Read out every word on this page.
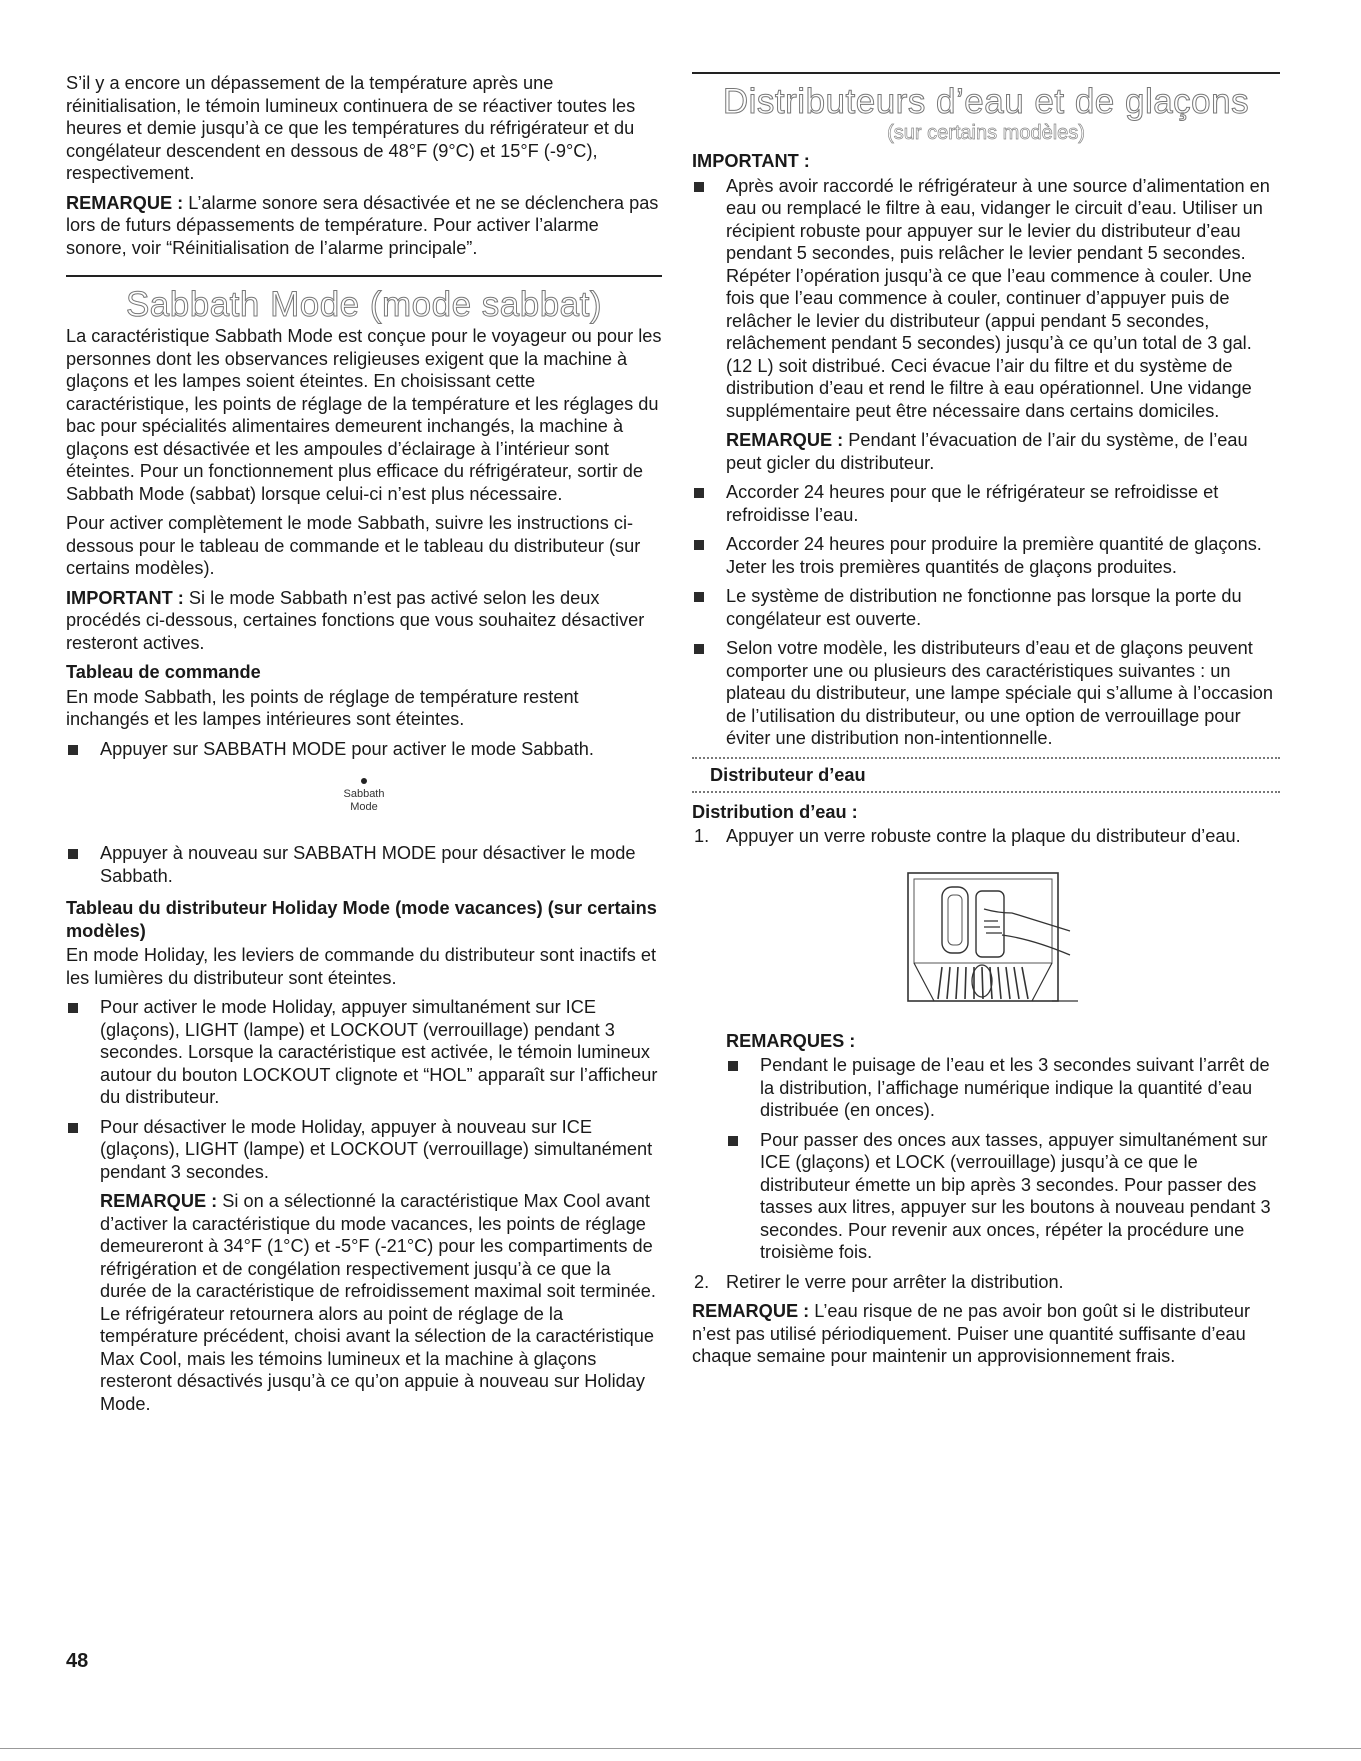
S’il y a encore un dépassement de la température après une réinitialisation, le témoin lumineux continuera de se réactiver toutes les heures et demie jusqu’à ce que les températures du réfrigérateur et du congélateur descendent en dessous de 48°F (9°C) et 15°F (-9°C), respectivement.

REMARQUE : L’alarme sonore sera désactivée et ne se déclenchera pas lors de futurs dépassements de température. Pour activer l’alarme sonore, voir “Réinitialisation de l’alarme principale”.

Sabbath Mode (mode sabbat)

La caractéristique Sabbath Mode est conçue pour le voyageur ou pour les personnes dont les observances religieuses exigent que la machine à glaçons et les lampes soient éteintes. En choisissant cette caractéristique, les points de réglage de la température et les réglages du bac pour spécialités alimentaires demeurent inchangés, la machine à glaçons est désactivée et les ampoules d’éclairage à l’intérieur sont éteintes. Pour un fonctionnement plus efficace du réfrigérateur, sortir de Sabbath Mode (sabbat) lorsque celui-ci n’est plus nécessaire.

Pour activer complètement le mode Sabbath, suivre les instructions ci-dessous pour le tableau de commande et le tableau du distributeur (sur certains modèles).

IMPORTANT : Si le mode Sabbath n’est pas activé selon les deux procédés ci-dessous, certaines fonctions que vous souhaitez désactiver resteront actives.

Tableau de commande

En mode Sabbath, les points de réglage de température restent inchangés et les lampes intérieures sont éteintes.

Appuyer sur SABBATH MODE pour activer le mode Sabbath.
Sabbath
Mode
Appuyer à nouveau sur SABBATH MODE pour désactiver le mode Sabbath.
Tableau du distributeur Holiday Mode (mode vacances) (sur certains modèles)

En mode Holiday, les leviers de commande du distributeur sont inactifs et les lumières du distributeur sont éteintes.

Pour activer le mode Holiday, appuyer simultanément sur ICE (glaçons), LIGHT (lampe) et LOCKOUT (verrouillage) pendant 3 secondes. Lorsque la caractéristique est activée, le témoin lumineux autour du bouton LOCKOUT clignote et “HOL” apparaît sur l’afficheur du distributeur.
Pour désactiver le mode Holiday, appuyer à nouveau sur ICE (glaçons), LIGHT (lampe) et LOCKOUT (verrouillage) simultanément pendant 3 secondes.

REMARQUE : Si on a sélectionné la caractéristique Max Cool avant d’activer la caractéristique du mode vacances, les points de réglage demeureront à 34°F (1°C) et -5°F (-21°C) pour les compartiments de réfrigération et de congélation respectivement jusqu’à ce que la durée de la caractéristique de refroidissement maximal soit terminée. Le réfrigérateur retournera alors au point de réglage de la température précédent, choisi avant la sélection de la caractéristique Max Cool, mais les témoins lumineux et la machine à glaçons resteront désactivés jusqu’à ce qu’on appuie à nouveau sur Holiday Mode.

Distributeurs d’eau et de glaçons
(sur certains modèles)
IMPORTANT :
Après avoir raccordé le réfrigérateur à une source d’alimentation en eau ou remplacé le filtre à eau, vidanger le circuit d’eau. Utiliser un récipient robuste pour appuyer sur le levier du distributeur d’eau pendant 5 secondes, puis relâcher le levier pendant 5 secondes. Répéter l’opération jusqu’à ce que l’eau commence à couler. Une fois que l’eau commence à couler, continuer d’appuyer puis de relâcher le levier du distributeur (appui pendant 5 secondes, relâchement pendant 5 secondes) jusqu’à ce qu’un total de 3 gal. (12 L) soit distribué. Ceci évacue l’air du filtre et du système de distribution d’eau et rend le filtre à eau opérationnel. Une vidange supplémentaire peut être nécessaire dans certains domiciles.

REMARQUE : Pendant l’évacuation de l’air du système, de l’eau peut gicler du distributeur.

Accorder 24 heures pour que le réfrigérateur se refroidisse et refroidisse l’eau.
Accorder 24 heures pour produire la première quantité de glaçons. Jeter les trois premières quantités de glaçons produites.
Le système de distribution ne fonctionne pas lorsque la porte du congélateur est ouverte.
Selon votre modèle, les distributeurs d’eau et de glaçons peuvent comporter une ou plusieurs des caractéristiques suivantes : un plateau du distributeur, une lampe spéciale qui s’allume à l’occasion de l’utilisation du distributeur, ou une option de verrouillage pour éviter une distribution non-intentionnelle.
Distributeur d’eau
Distribution d’eau :
1. Appuyer un verre robuste contre la plaque du distributeur d’eau.
REMARQUES :
Pendant le puisage de l’eau et les 3 secondes suivant l’arrêt de la distribution, l’affichage numérique indique la quantité d’eau distribuée (en onces).
Pour passer des onces aux tasses, appuyer simultanément sur ICE (glaçons) et LOCK (verrouillage) jusqu’à ce que le distributeur émette un bip après 3 secondes. Pour passer des tasses aux litres, appuyer sur les boutons à nouveau pendant 3 secondes. Pour revenir aux onces, répéter la procédure une troisième fois.
2. Retirer le verre pour arrêter la distribution.

REMARQUE : L’eau risque de ne pas avoir bon goût si le distributeur n’est pas utilisé périodiquement. Puiser une quantité suffisante d’eau chaque semaine pour maintenir un approvisionnement frais.

48
